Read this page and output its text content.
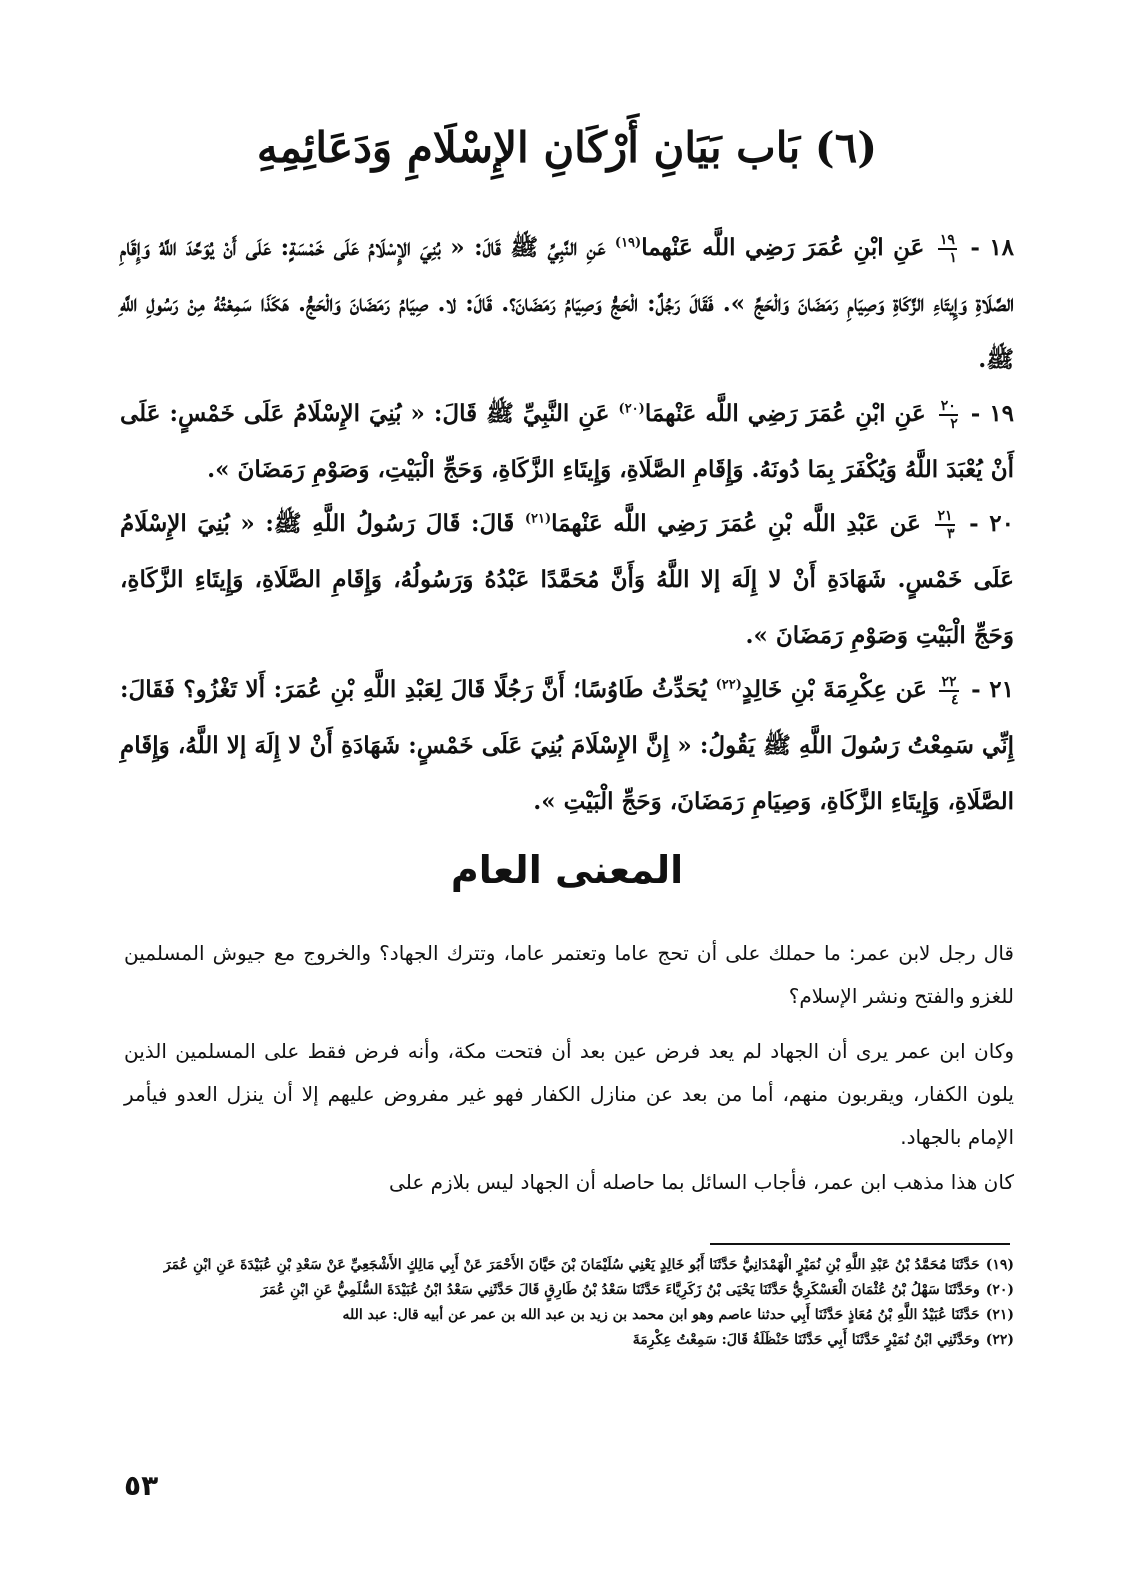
(٦) بَاب بَيَانِ أَرْكَانِ الإِسْلَامِ وَدَعَائِمِهِ

١٨ -
$\frac{١٩}{١}$
عَنِ ابْنِ عُمَرَ رَضِي اللَّه عَنْهما$^{(١٩)}$ عَنِ النَّبِيِّ ﷺ قَالَ: « بُنِيَ الإِسْلَامُ عَلَى خَمْسَةٍ: عَلَى أَنْ يُوَحَّدَ اللَّهُ وَإِقَامِ الصَّلَاةِ وَإِيتَاءِ الزَّكَاةِ وَصِيَامِ رَمَضَانَ وَالْحَجِّ ». فَقَالَ رَجُلٌ: الْحَجُّ وَصِيَامُ رَمَضَانَ؟. قَالَ: لا. صِيَامُ رَمَضَانَ وَالْحَجُّ. هَكَذَا سَمِعْتُهُ مِنْ رَسُولِ اللَّهِ ﷺ.

١٩ -
$\frac{٢٠}{٢}$
عَنِ ابْنِ عُمَرَ رَضِي اللَّه عَنْهمَا$^{(٢٠)}$ عَنِ النَّبِيِّ ﷺ قَالَ: « بُنِيَ الإِسْلَامُ عَلَى خَمْسٍ: عَلَى أَنْ يُعْبَدَ اللَّهُ وَيُكْفَرَ بِمَا دُونَهُ. وَإِقَامِ الصَّلَاةِ، وَإِيتَاءِ الزَّكَاةِ، وَحَجِّ الْبَيْتِ، وَصَوْمِ رَمَضَانَ ».

٢٠ -
$\frac{٢١}{٣}$
عَن عَبْدِ اللَّه بْنِ عُمَرَ رَضِي اللَّه عَنْهمَا$^{(٢١)}$ قَالَ: قَالَ رَسُولُ اللَّهِ ﷺ: « بُنِيَ الإِسْلَامُ عَلَى خَمْسٍ. شَهَادَةِ أَنْ لا إِلَهَ إلا اللَّهُ وَأَنَّ مُحَمَّدًا عَبْدُهُ وَرَسُولُهُ، وَإِقَامِ الصَّلَاةِ، وَإِيتَاءِ الزَّكَاةِ، وَحَجِّ الْبَيْتِ وَصَوْمِ رَمَضَانَ ».

٢١ -
$\frac{٢٢}{٤}$
عَن عِكْرِمَةَ بْنِ خَالِدٍ$^{(٢٢)}$ يُحَدِّثُ طَاوُسًا؛ أَنَّ رَجُلًا قَالَ لِعَبْدِ اللَّهِ بْنِ عُمَرَ: أَلا تَغْزُو؟ فَقَالَ: إِنِّي سَمِعْتُ رَسُولَ اللَّهِ ﷺ يَقُولُ: « إِنَّ الإِسْلَامَ بُنِيَ عَلَى خَمْسٍ: شَهَادَةِ أَنْ لا إِلَهَ إلا اللَّهُ، وَإِقَامِ الصَّلَاةِ، وَإِيتَاءِ الزَّكَاةِ، وَصِيَامِ رَمَضَانَ، وَحَجِّ الْبَيْتِ ».

المعنى العام

قال رجل لابن عمر: ما حملك على أن تحج عاما وتعتمر عاما، وتترك الجهاد؟ والخروج مع جيوش المسلمين للغزو والفتح ونشر الإسلام؟

وكان ابن عمر يرى أن الجهاد لم يعد فرض عين بعد أن فتحت مكة، وأنه فرض فقط على المسلمين الذين يلون الكفار، ويقربون منهم، أما من بعد عن منازل الكفار فهو غير مفروض عليهم إلا أن ينزل العدو فيأمر الإمام بالجهاد.

كان هذا مذهب ابن عمر، فأجاب السائل بما حاصله أن الجهاد ليس بلازم على

(١٩)حَدَّثَنَا مُحَمَّدُ بْنُ عَبْدِ اللَّهِ بْنِ نُمَيْرٍ الْهَمْدَانِيُّ حَدَّثَنَا أَبُو خَالِدٍ يَعْنِي سُلَيْمَانَ بْنَ حَيَّانَ الأَحْمَرَ عَنْ أَبِي مَالِكٍ الأَشْجَعِيِّ عَنْ سَعْدِ بْنِ عُبَيْدَةَ عَنِ ابْنِ عُمَرَ
(٢٠)وحَدَّثَنَا سَهْلُ بْنُ عُثْمَانَ الْعَسْكَرِيُّ حَدَّثَنَا يَحْيَى بْنُ زَكَرِيَّاءَ حَدَّثَنَا سَعْدُ بْنُ طَارِقٍ قَالَ حَدَّثَنِي سَعْدُ ابْنُ عُبَيْدَةَ السُّلَمِيُّ عَنِ ابْنِ عُمَرَ
(٢١)حَدَّثَنَا عُبَيْدُ اللَّهِ بْنُ مُعَاذٍ حَدَّثَنَا أَبِي حدثنا عاصم وهو ابن محمد بن زيد بن عبد الله بن عمر عن أبيه قال: عبد الله
(٢٢)وحَدَّثَنِي ابْنُ نُمَيْرٍ حَدَّثَنَا أَبِي حَدَّثَنَا حَنْظَلَةُ قَالَ: سَمِعْتُ عِكْرِمَةَ
٥٣
